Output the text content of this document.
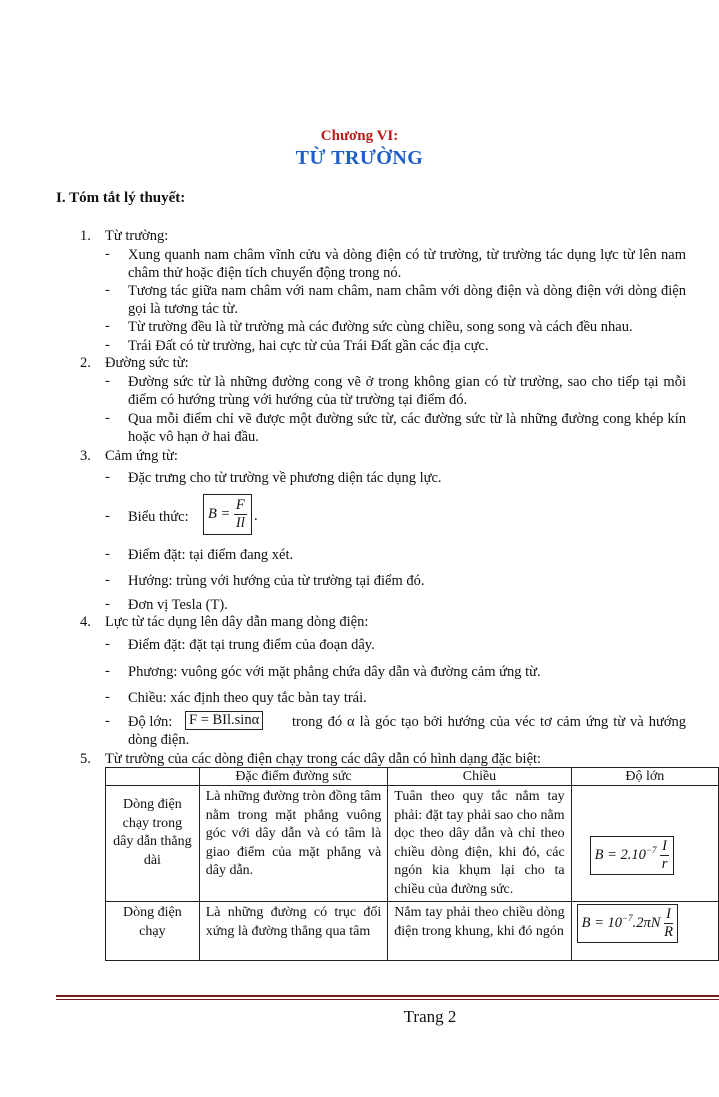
Chương VI:
TỪ TRƯỜNG
I. Tóm tắt lý thuyết:
1. Từ trường:
- Xung quanh nam châm vĩnh cửu và dòng điện có từ trường, từ trường tác dụng lực từ lên nam châm thử hoặc điện tích chuyển động trong nó.
- Tương tác giữa nam châm với nam châm, nam châm với dòng điện và dòng điện với dòng điện gọi là tương tác từ.
- Từ trường đều là từ trường mà các đường sức cùng chiều, song song và cách đều nhau.
- Trái Đất có từ trường, hai cực từ của Trái Đất gần các địa cực.
2. Đường sức từ:
- Đường sức từ là những đường cong vẽ ở trong không gian có từ trường, sao cho tiếp tại mỗi điểm có hướng trùng với hướng của từ trường tại điểm đó.
- Qua mỗi điểm chỉ vẽ được một đường sức từ, các đường sức từ là những đường cong khép kín hoặc vô hạn ở hai đầu.
3. Cảm ứng từ:
- Đặc trưng cho từ trường về phương diện tác dụng lực.
- Biểu thức:	$B = \frac{F}{Il}$ .
- Điểm đặt: tại điểm đang xét.
- Hướng: trùng với hướng của từ trường tại điểm đó.
- Đơn vị Tesla (T).
4. Lực từ tác dụng lên dây dẫn mang dòng điện:
- Điểm đặt: đặt tại trung điểm của đoạn dây.
- Phương: vuông góc với mặt phẳng chứa dây dẫn và đường cảm ứng từ.
- Chiều: xác định theo quy tắc bàn tay trái.
- Độ lớn: F = BIl.sinα	trong đó α là góc tạo bởi hướng của véc tơ cảm ứng từ và hướng dòng điện.
5. Từ trường của các dòng điện chạy trong các dây dẫn có hình dạng đặc biệt:
	Đặc điểm đường sức	Chiều	Độ lớn
Dòng điện chạy trong dây dẫn thẳng dài	Là những đường tròn đồng tâm nằm trong mặt phẳng vuông góc với dây dẫn và có tâm là giao điểm của mặt phẳng và dây dẫn.	Tuân theo quy tắc nắm tay phải: đặt tay phải sao cho nằm dọc theo dây dẫn và chỉ theo chiều dòng điện, khi đó, các ngón kia khụm lại cho ta chiều của đường sức.	$B = 2.10^{-7} \frac{I}{r}$

Dòng điện chạy	Là những đường có trục đối xứng là đường thẳng qua tâm	Nắm tay phải theo chiều dòng điện trong khung, khi đó ngón	$B = 10^{-7}.2\pi N \frac{I}{R}$
Trang 2
